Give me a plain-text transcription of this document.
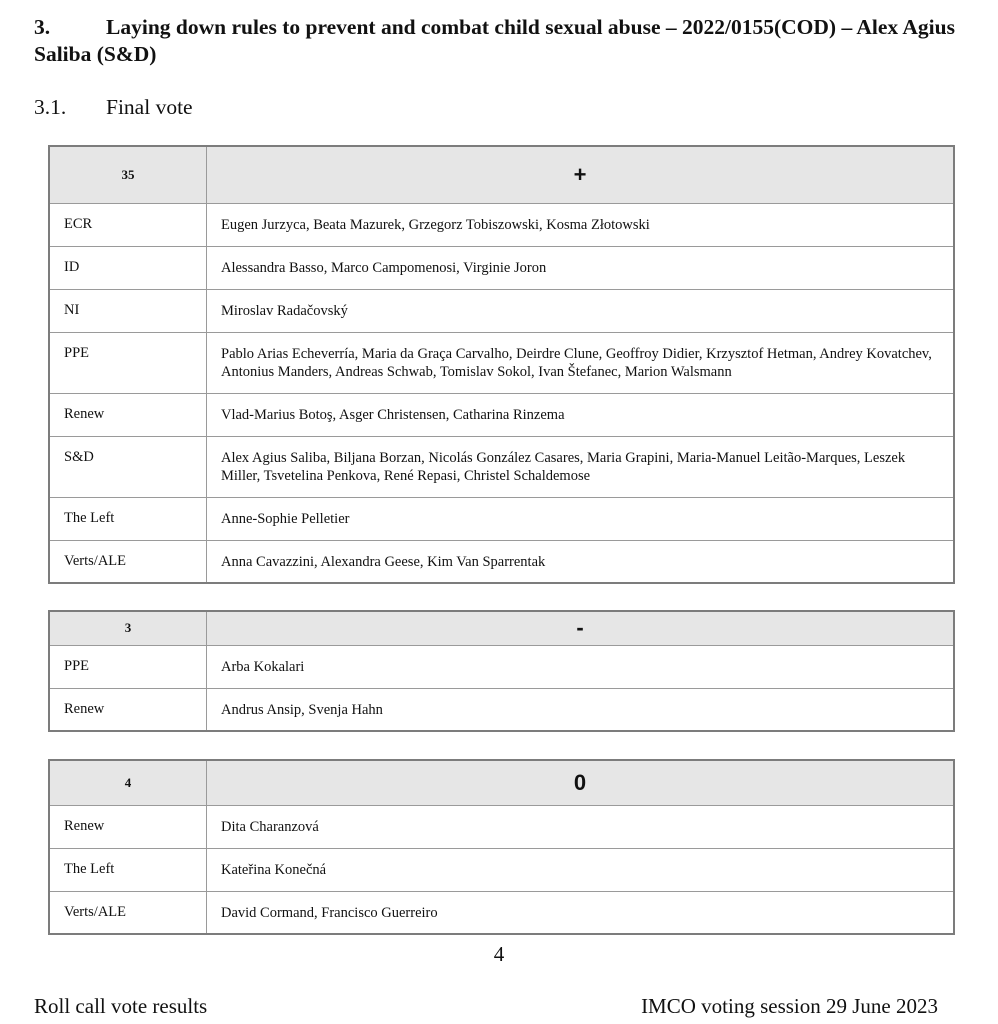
3.	Laying down rules to prevent and combat child sexual abuse – 2022/0155(COD) – Alex Agius Saliba (S&D)
3.1. Final vote
35	+
ECR	Eugen Jurzyca, Beata Mazurek, Grzegorz Tobiszowski, Kosma Złotowski
ID	Alessandra Basso, Marco Campomenosi, Virginie Joron
NI	Miroslav Radačovský
PPE	Pablo Arias Echeverría, Maria da Graça Carvalho, Deirdre Clune, Geoffroy Didier, Krzysztof Hetman, Andrey Kovatchev, Antonius Manders, Andreas Schwab, Tomislav Sokol, Ivan Štefanec, Marion Walsmann
Renew	Vlad-Marius Botoş, Asger Christensen, Catharina Rinzema
S&D	Alex Agius Saliba, Biljana Borzan, Nicolás González Casares, Maria Grapini, Maria-Manuel Leitão-Marques, Leszek Miller, Tsvetelina Penkova, René Repasi, Christel Schaldemose
The Left	Anne-Sophie Pelletier
Verts/ALE	Anna Cavazzini, Alexandra Geese, Kim Van Sparrentak
3	-
PPE	Arba Kokalari
Renew	Andrus Ansip, Svenja Hahn
4	0
Renew	Dita Charanzová
The Left	Kateřina Konečná
Verts/ALE	David Cormand, Francisco Guerreiro
4
Roll call vote results	IMCO voting session 29 June 2023
